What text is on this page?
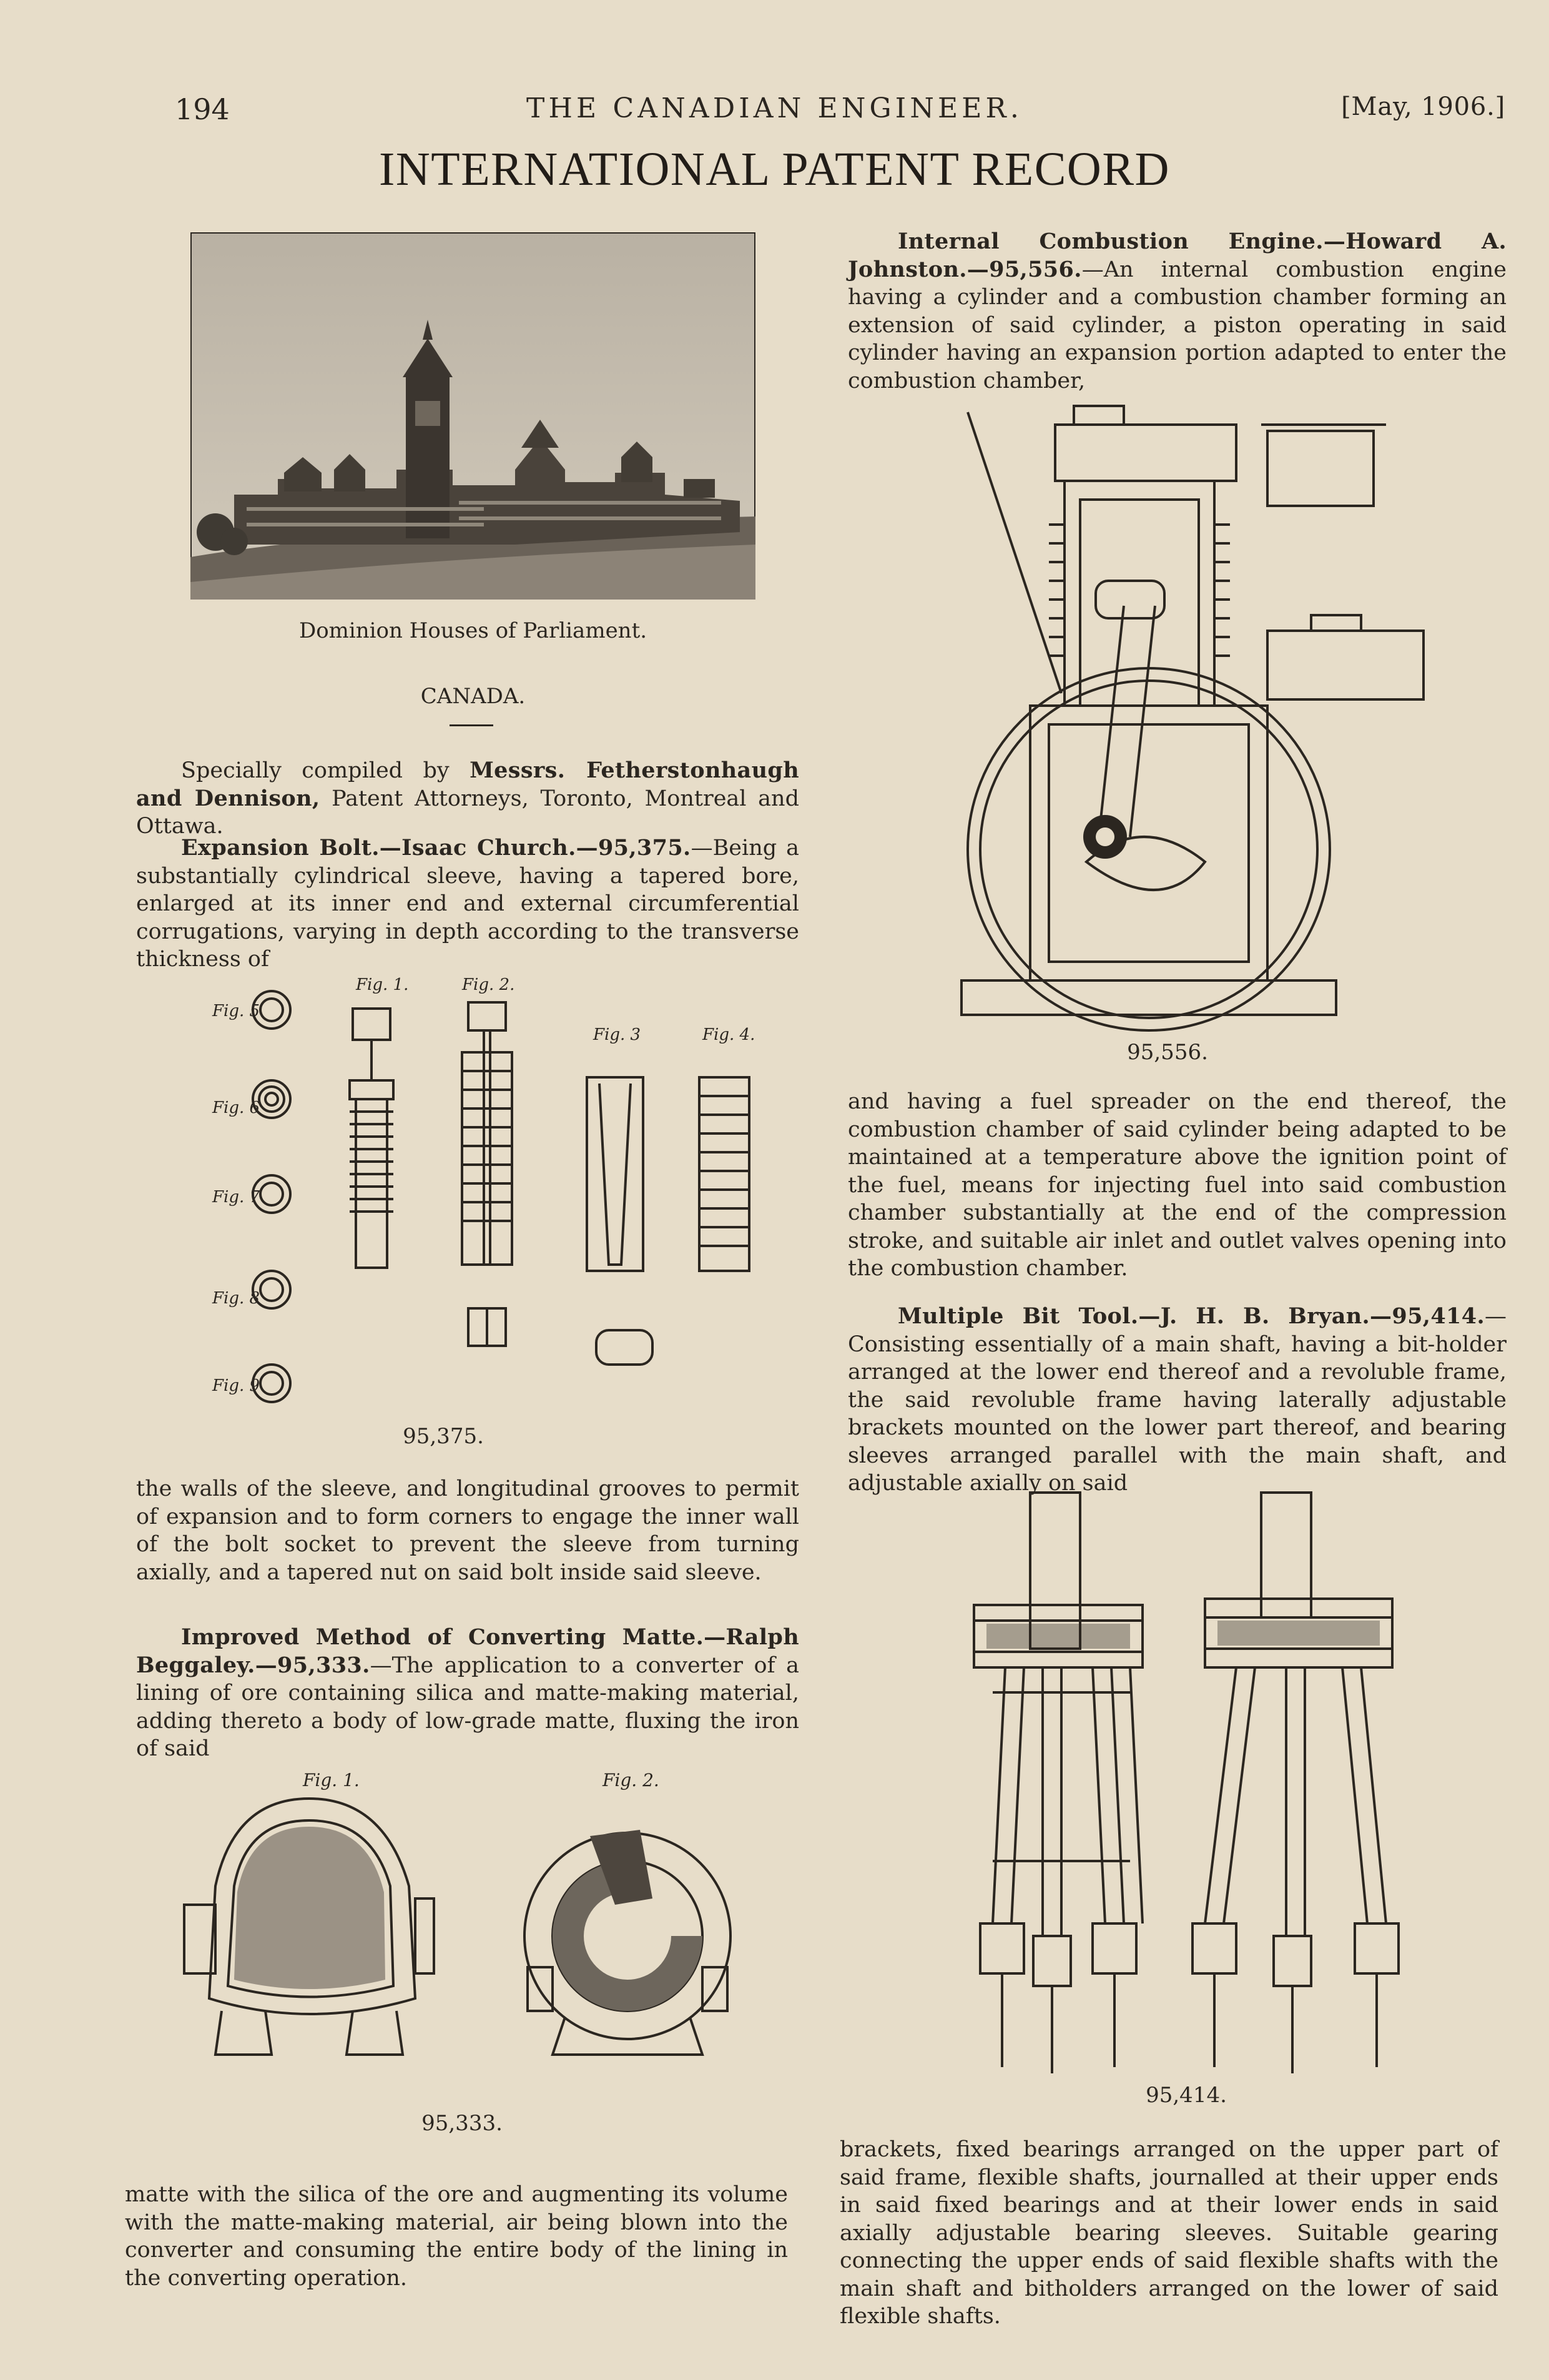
194	THE CANADIAN ENGINEER.	[May, 1906.]
INTERNATIONAL PATENT RECORD
Dominion Houses of Parliament.
CANADA.

Specially compiled by Messrs. Fetherstonhaugh and Dennison, Patent Attorneys, Toronto, Montreal and Ottawa.

Expansion Bolt.—Isaac Church.—95,375.—Being a substantially cylindrical sleeve, having a tapered bore, enlarged at its inner end and external circumferential corrugations, varying in depth according to the transverse thickness of

Fig. 5
Fig. 6
Fig. 7
Fig. 8
Fig. 9
Fig. 1.	Fig. 2.
Fig. 3	Fig. 4.
95,375.
the walls of the sleeve, and longitudinal grooves to permit of expansion and to form corners to engage the inner wall of the bolt socket to prevent the sleeve from turning axially, and a tapered nut on said bolt inside said sleeve.

Improved Method of Converting Matte.—Ralph Beggaley.—95,333.—The application to a converter of a lining of ore containing silica and matte-making material, adding thereto a body of low-grade matte, fluxing the iron of said

Fig. 1.	Fig. 2.
95,333.
matte with the silica of the ore and augmenting its volume with the matte-making material, air being blown into the converter and consuming the entire body of the lining in the converting operation.

Internal Combustion Engine.—Howard A. Johnston.—95,556.—An internal combustion engine having a cylinder and a combustion chamber forming an extension of said cylinder, a piston operating in said cylinder having an expansion portion adapted to enter the combustion chamber,

95,556.
and having a fuel spreader on the end thereof, the combustion chamber of said cylinder being adapted to be maintained at a temperature above the ignition point of the fuel, means for injecting fuel into said combustion chamber substantially at the end of the compression stroke, and suitable air inlet and outlet valves opening into the combustion chamber.

Multiple Bit Tool.—J. H. B. Bryan.—95,414.—Consisting essentially of a main shaft, having a bit-holder arranged at the lower end thereof and a revoluble frame, the said revoluble frame having laterally adjustable brackets mounted on the lower part thereof, and bearing sleeves arranged parallel with the main shaft, and adjustable axially on said

95,414.
brackets, fixed bearings arranged on the upper part of said frame, flexible shafts, journalled at their upper ends in said fixed bearings and at their lower ends in said axially adjustable bearing sleeves. Suitable gearing connecting the upper ends of said flexible shafts with the main shaft and bitholders arranged on the lower of said flexible shafts.
